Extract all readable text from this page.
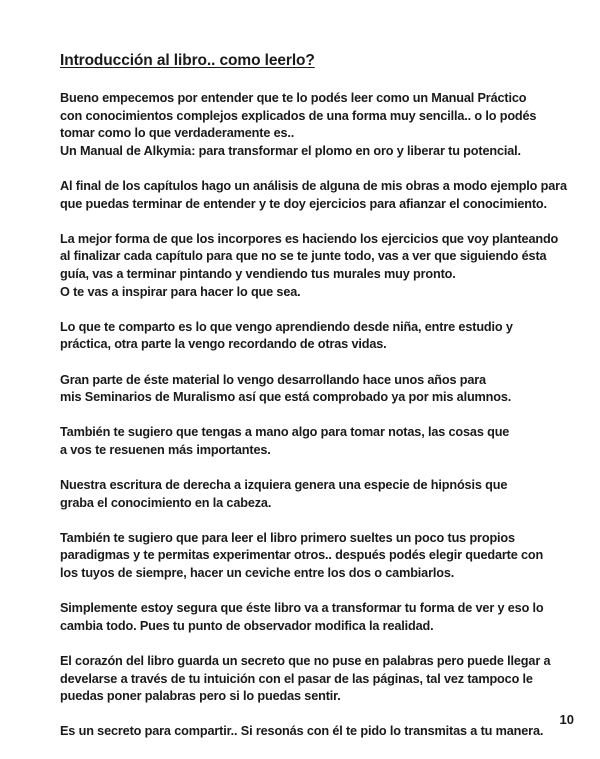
Introducción al libro.. como leerlo?

Bueno empecemos por entender que te lo podés leer como un Manual Práctico
con conocimientos complejos explicados de una forma muy sencilla.. o lo podés
tomar como lo que verdaderamente es..
Un Manual de Alkymia: para transformar el plomo en oro y liberar tu potencial.

Al final de los capítulos hago un análisis de alguna de mis obras a modo ejemplo para
que puedas terminar de entender y te doy ejercicios para afianzar el conocimiento.

La mejor forma de que los incorpores es haciendo los ejercicios que voy planteando
al finalizar cada capítulo para que no se te junte todo, vas a ver que siguiendo ésta
guía, vas a terminar pintando y vendiendo tus murales muy pronto.
O te vas a inspirar para hacer lo que sea.

Lo que te comparto es lo que vengo aprendiendo desde niña, entre estudio y
práctica, otra parte la vengo recordando de otras vidas.

Gran parte de éste material lo vengo desarrollando hace unos años para
mis Seminarios de Muralismo así que está comprobado ya por mis alumnos.

También te sugiero que tengas a mano algo para tomar notas, las cosas que
a vos te resuenen más importantes.

Nuestra escritura de derecha a izquiera genera una especie de hipnósis que
graba el conocimiento en la cabeza.

También te sugiero que para leer el libro primero sueltes un poco tus propios
paradigmas y te permitas experimentar otros.. después podés elegir quedarte con
los tuyos de siempre, hacer un ceviche entre los dos o cambiarlos.

Simplemente estoy segura que éste libro va a transformar tu forma de ver y eso lo
cambia todo. Pues tu punto de observador modifica la realidad.

El corazón del libro guarda un secreto que no puse en palabras pero puede llegar a
develarse a través de tu intuición con el pasar de las páginas, tal vez tampoco le
puedas poner palabras pero si lo puedas sentir.

Es un secreto para compartir.. Si resonás con él te pido lo transmitas a tu manera.

10
